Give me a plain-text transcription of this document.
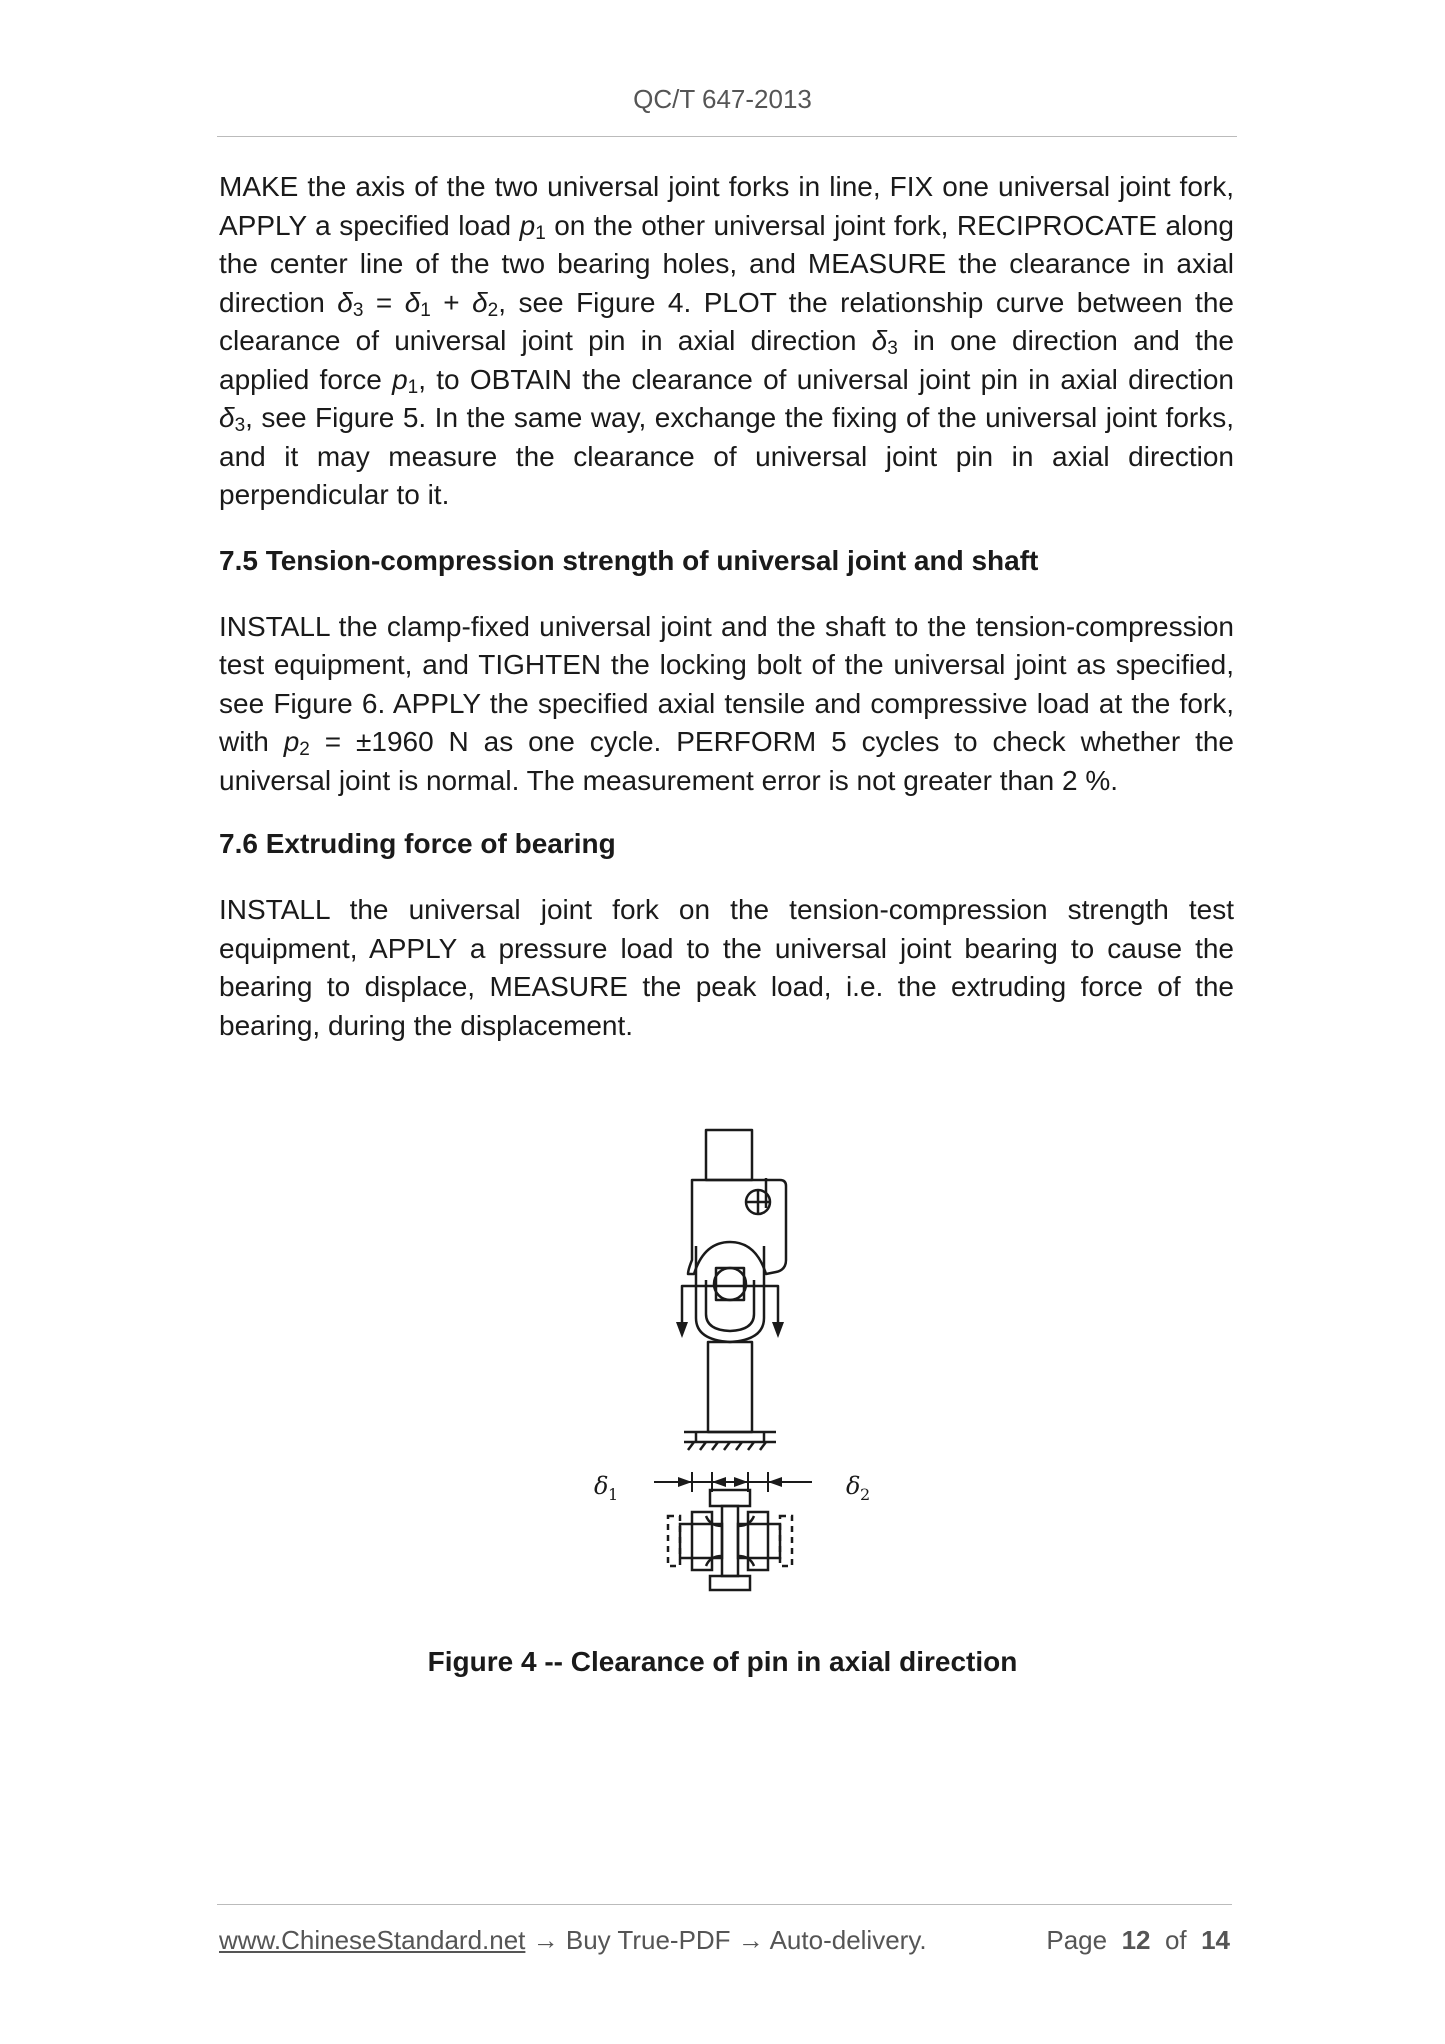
QC/T 647-2013

MAKE the axis of the two universal joint forks in line, FIX one universal joint fork, APPLY a specified load $p_1$ on the other universal joint fork, RECIPROCATE along the center line of the two bearing holes, and MEASURE the clearance in axial direction $\delta_3 = \delta_1 + \delta_2$, see Figure 4. PLOT the relationship curve between the clearance of universal joint pin in axial direction $\delta_3$ in one direction and the applied force $p_1$, to OBTAIN the clearance of universal joint pin in axial direction $\delta_3$, see Figure 5. In the same way, exchange the fixing of the universal joint forks, and it may measure the clearance of universal joint pin in axial direction perpendicular to it.

7.5 Tension-compression strength of universal joint and shaft

INSTALL the clamp-fixed universal joint and the shaft to the tension-compression test equipment, and TIGHTEN the locking bolt of the universal joint as specified, see Figure 6. APPLY the specified axial tensile and compressive load at the fork, with $p_2 = \pm 1960$ N as one cycle. PERFORM 5 cycles to check whether the universal joint is normal. The measurement error is not greater than 2 %.

7.6 Extruding force of bearing

INSTALL the universal joint fork on the tension-compression strength test equipment, APPLY a pressure load to the universal joint bearing to cause the bearing to displace, MEASURE the peak load, i.e. the extruding force of the bearing, during the displacement.

δ 1	δ 2
Figure 4 -- Clearance of pin in axial direction
www.ChineseStandard.net → Buy True-PDF → Auto-delivery.	Page 12 of 14
